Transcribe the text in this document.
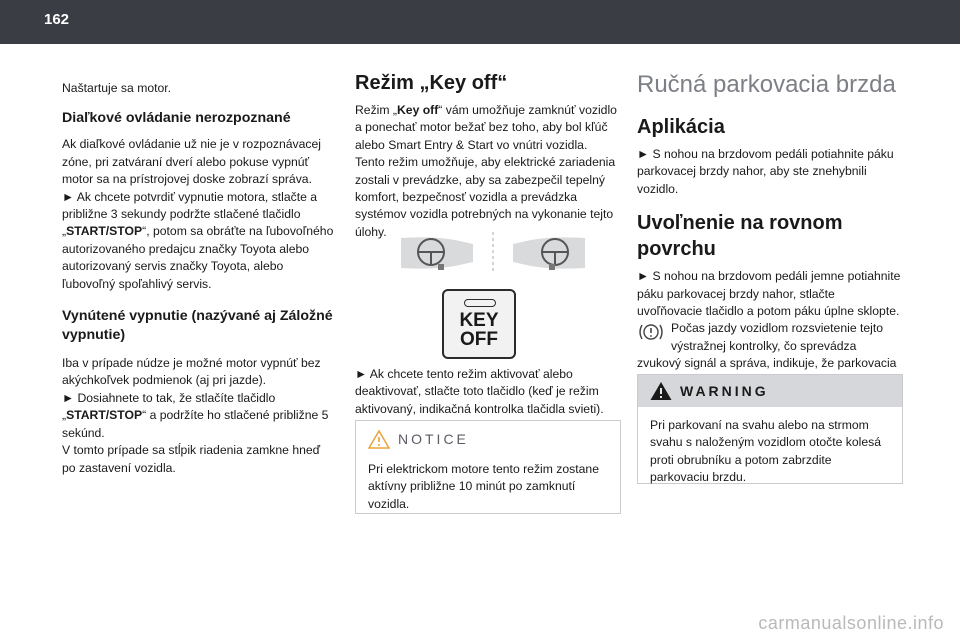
162

Naštartuje sa motor.

Diaľkové ovládanie nerozpoznané

Ak diaľkové ovládanie už nie je v rozpoznávacej zóne, pri zatváraní dverí alebo pokuse vypnúť motor sa na prístrojovej doske zobrazí správa.

► Ak chcete potvrdiť vypnutie motora, stlačte a približne 3 sekundy podržte stlačené tlačidlo „START/STOP“, potom sa obráťte na ľubovoľného autorizovaného predajcu značky Toyota alebo autorizovaný servis značky Toyota, alebo ľubovoľný spoľahlivý servis.

Vynútené vypnutie (nazývané aj Záložné vypnutie)

Iba v prípade núdze je možné motor vypnúť bez akýchkoľvek podmienok (aj pri jazde).

► Dosiahnete to tak, že stlačíte tlačidlo „START/STOP“ a podržíte ho stlačené približne 5 sekúnd.

V tomto prípade sa stĺpik riadenia zamkne hneď po zastavení vozidla.

Režim „Key off“

Režim „Key off“ vám umožňuje zamknúť vozidlo a ponechať motor bežať bez toho, aby bol kľúč alebo Smart Entry & Start vo vnútri vozidla.

Tento režim umožňuje, aby elektrické zariadenia zostali v prevádzke, aby sa zabezpečil tepelný komfort, bezpečnosť vozidla a prevádzka systémov vozidla potrebných na vykonanie tejto úlohy.

KEY
OFF

► Ak chcete tento režim aktivovať alebo deaktivovať, stlačte toto tlačidlo (keď je režim aktivovaný, indikačná kontrolka tlačidla svieti).

NOTICE

Pri elektrickom motore tento režim zostane aktívny približne 10 minút po zamknutí vozidla.

Ručná parkovacia brzda
Aplikácia

► S nohou na brzdovom pedáli potiahnite páku parkovacej brzdy nahor, aby ste znehybnili vozidlo.

Uvoľnenie na rovnom povrchu

► S nohou na brzdovom pedáli jemne potiahnite páku parkovacej brzdy nahor, stlačte uvoľňovacie tlačidlo a potom páku úplne sklopte.

Počas jazdy vozidlom rozsvietenie tejto výstražnej kontrolky, čo sprevádza zvukový signál a správa, indikuje, že parkovacia

WARNING

Pri parkovaní na svahu alebo na strmom svahu s naloženým vozidlom otočte kolesá proti obrubníku a potom zabrzdite parkovaciu brzdu.

carmanualsonline.info
